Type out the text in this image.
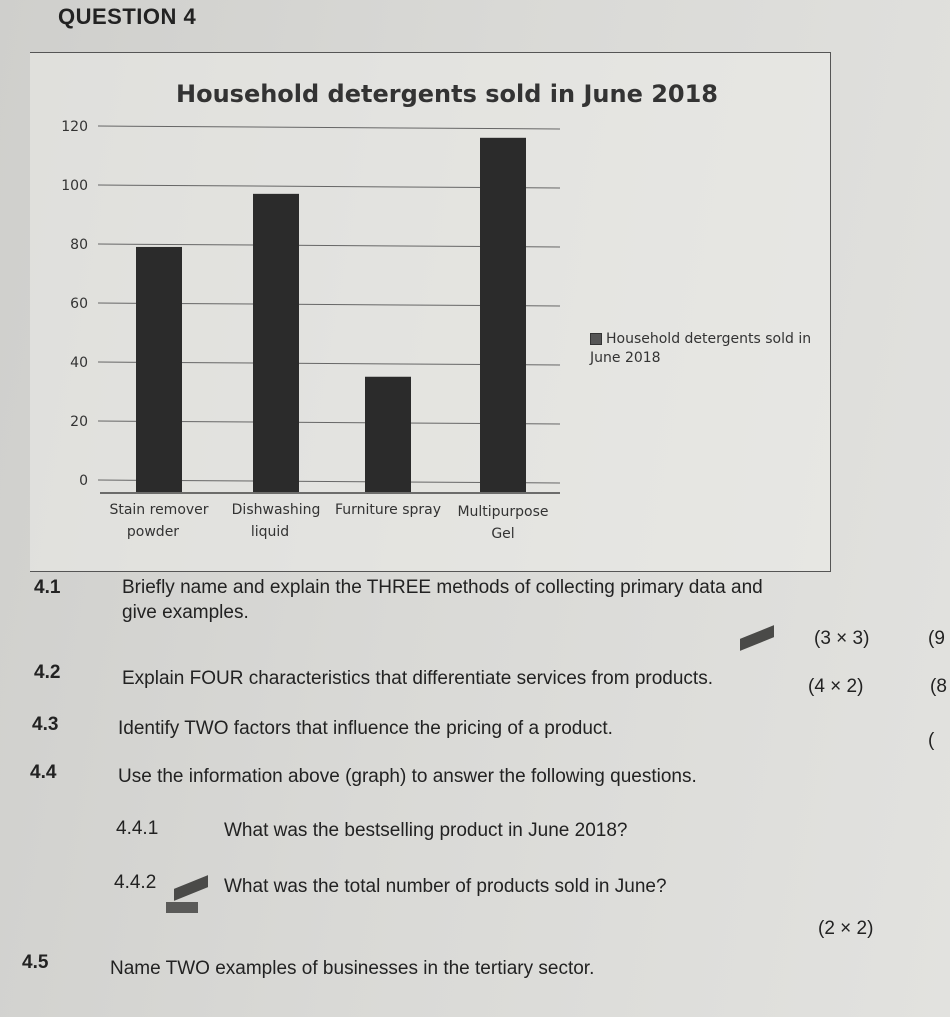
QUESTION 4
0
20
40
60
80
100
120
Stain remover
powder
Dishwashing
liquid
Furniture spray Multipurpose
Gel
Household detergents sold in June 2018
Household detergents sold in June 2018
4.1	Briefly name and explain the THREE methods of collecting primary data and
give examples.
(3 × 3)	(9
4.2	Explain FOUR characteristics that differentiate services from products.	(4 × 2)	(8
4.3	Identify TWO factors that influence the pricing of a product.
(
4.4	Use the information above (graph) to answer the following questions.
4.4.1	What was the bestselling product in June 2018?
4.4.2	What was the total number of products sold in June?
(2 × 2)
4.5	Name TWO examples of businesses in the tertiary sector.
